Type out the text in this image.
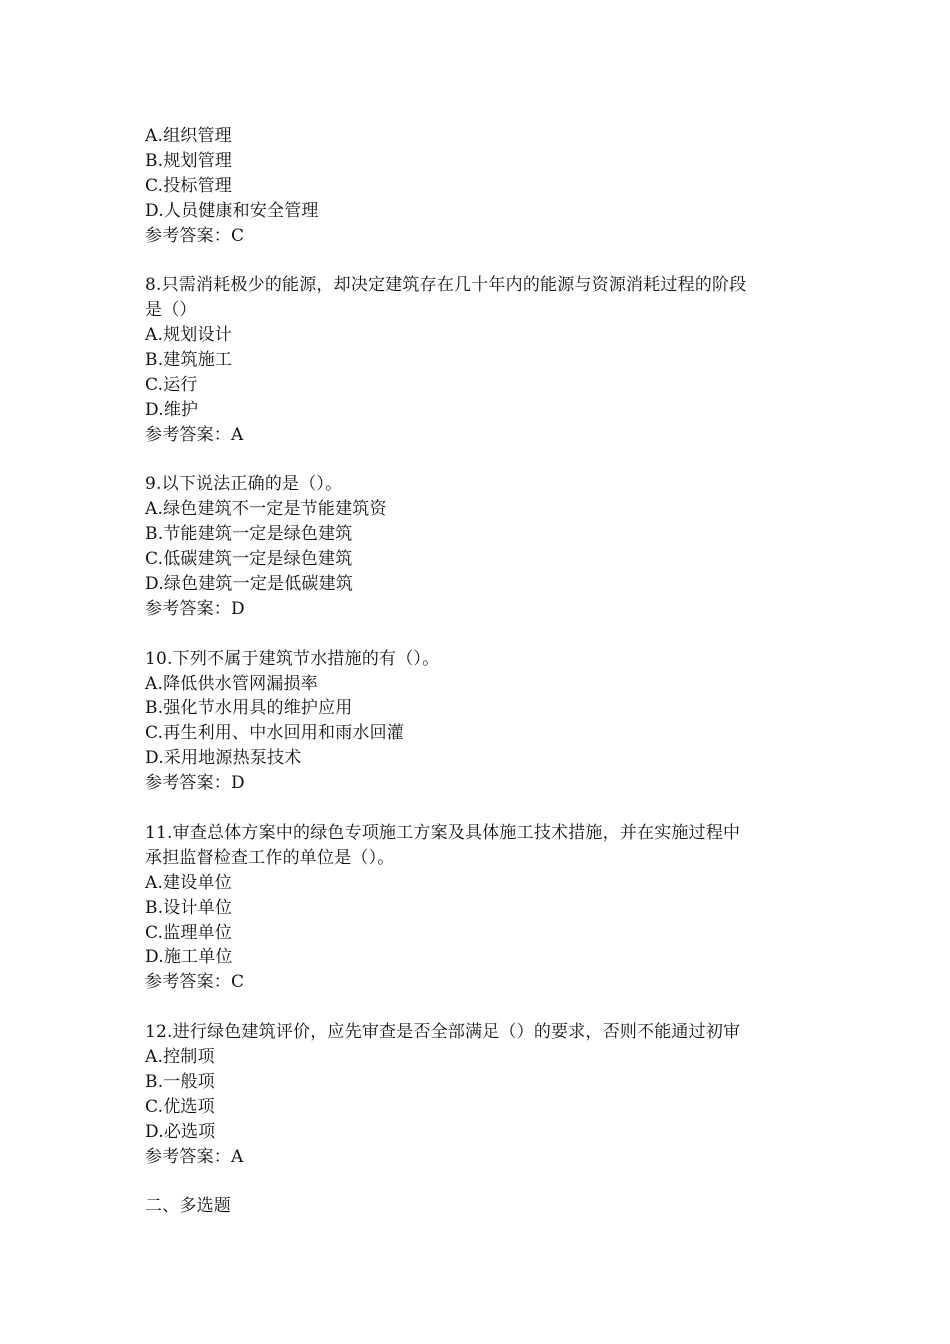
A.组织管理
B.规划管理
C.投标管理
D.人员健康和安全管理
参考答案：C
8.只需消耗极少的能源，却决定建筑存在几十年内的能源与资源消耗过程的阶段
是（）
A.规划设计
B.建筑施工
C.运行
D.维护
参考答案：A
9.以下说法正确的是（）。
A.绿色建筑不一定是节能建筑资
B.节能建筑一定是绿色建筑
C.低碳建筑一定是绿色建筑
D.绿色建筑一定是低碳建筑
参考答案：D
10.下列不属于建筑节水措施的有（）。
A.降低供水管网漏损率
B.强化节水用具的维护应用
C.再生利用、中水回用和雨水回灌
D.采用地源热泵技术
参考答案：D
11.审查总体方案中的绿色专项施工方案及具体施工技术措施，并在实施过程中
承担监督检查工作的单位是（）。
A.建设单位
B.设计单位
C.监理单位
D.施工单位
参考答案：C
12.进行绿色建筑评价，应先审查是否全部满足（）的要求，否则不能通过初审
A.控制项
B.一般项
C.优选项
D.必选项
参考答案：A
二、多选题
